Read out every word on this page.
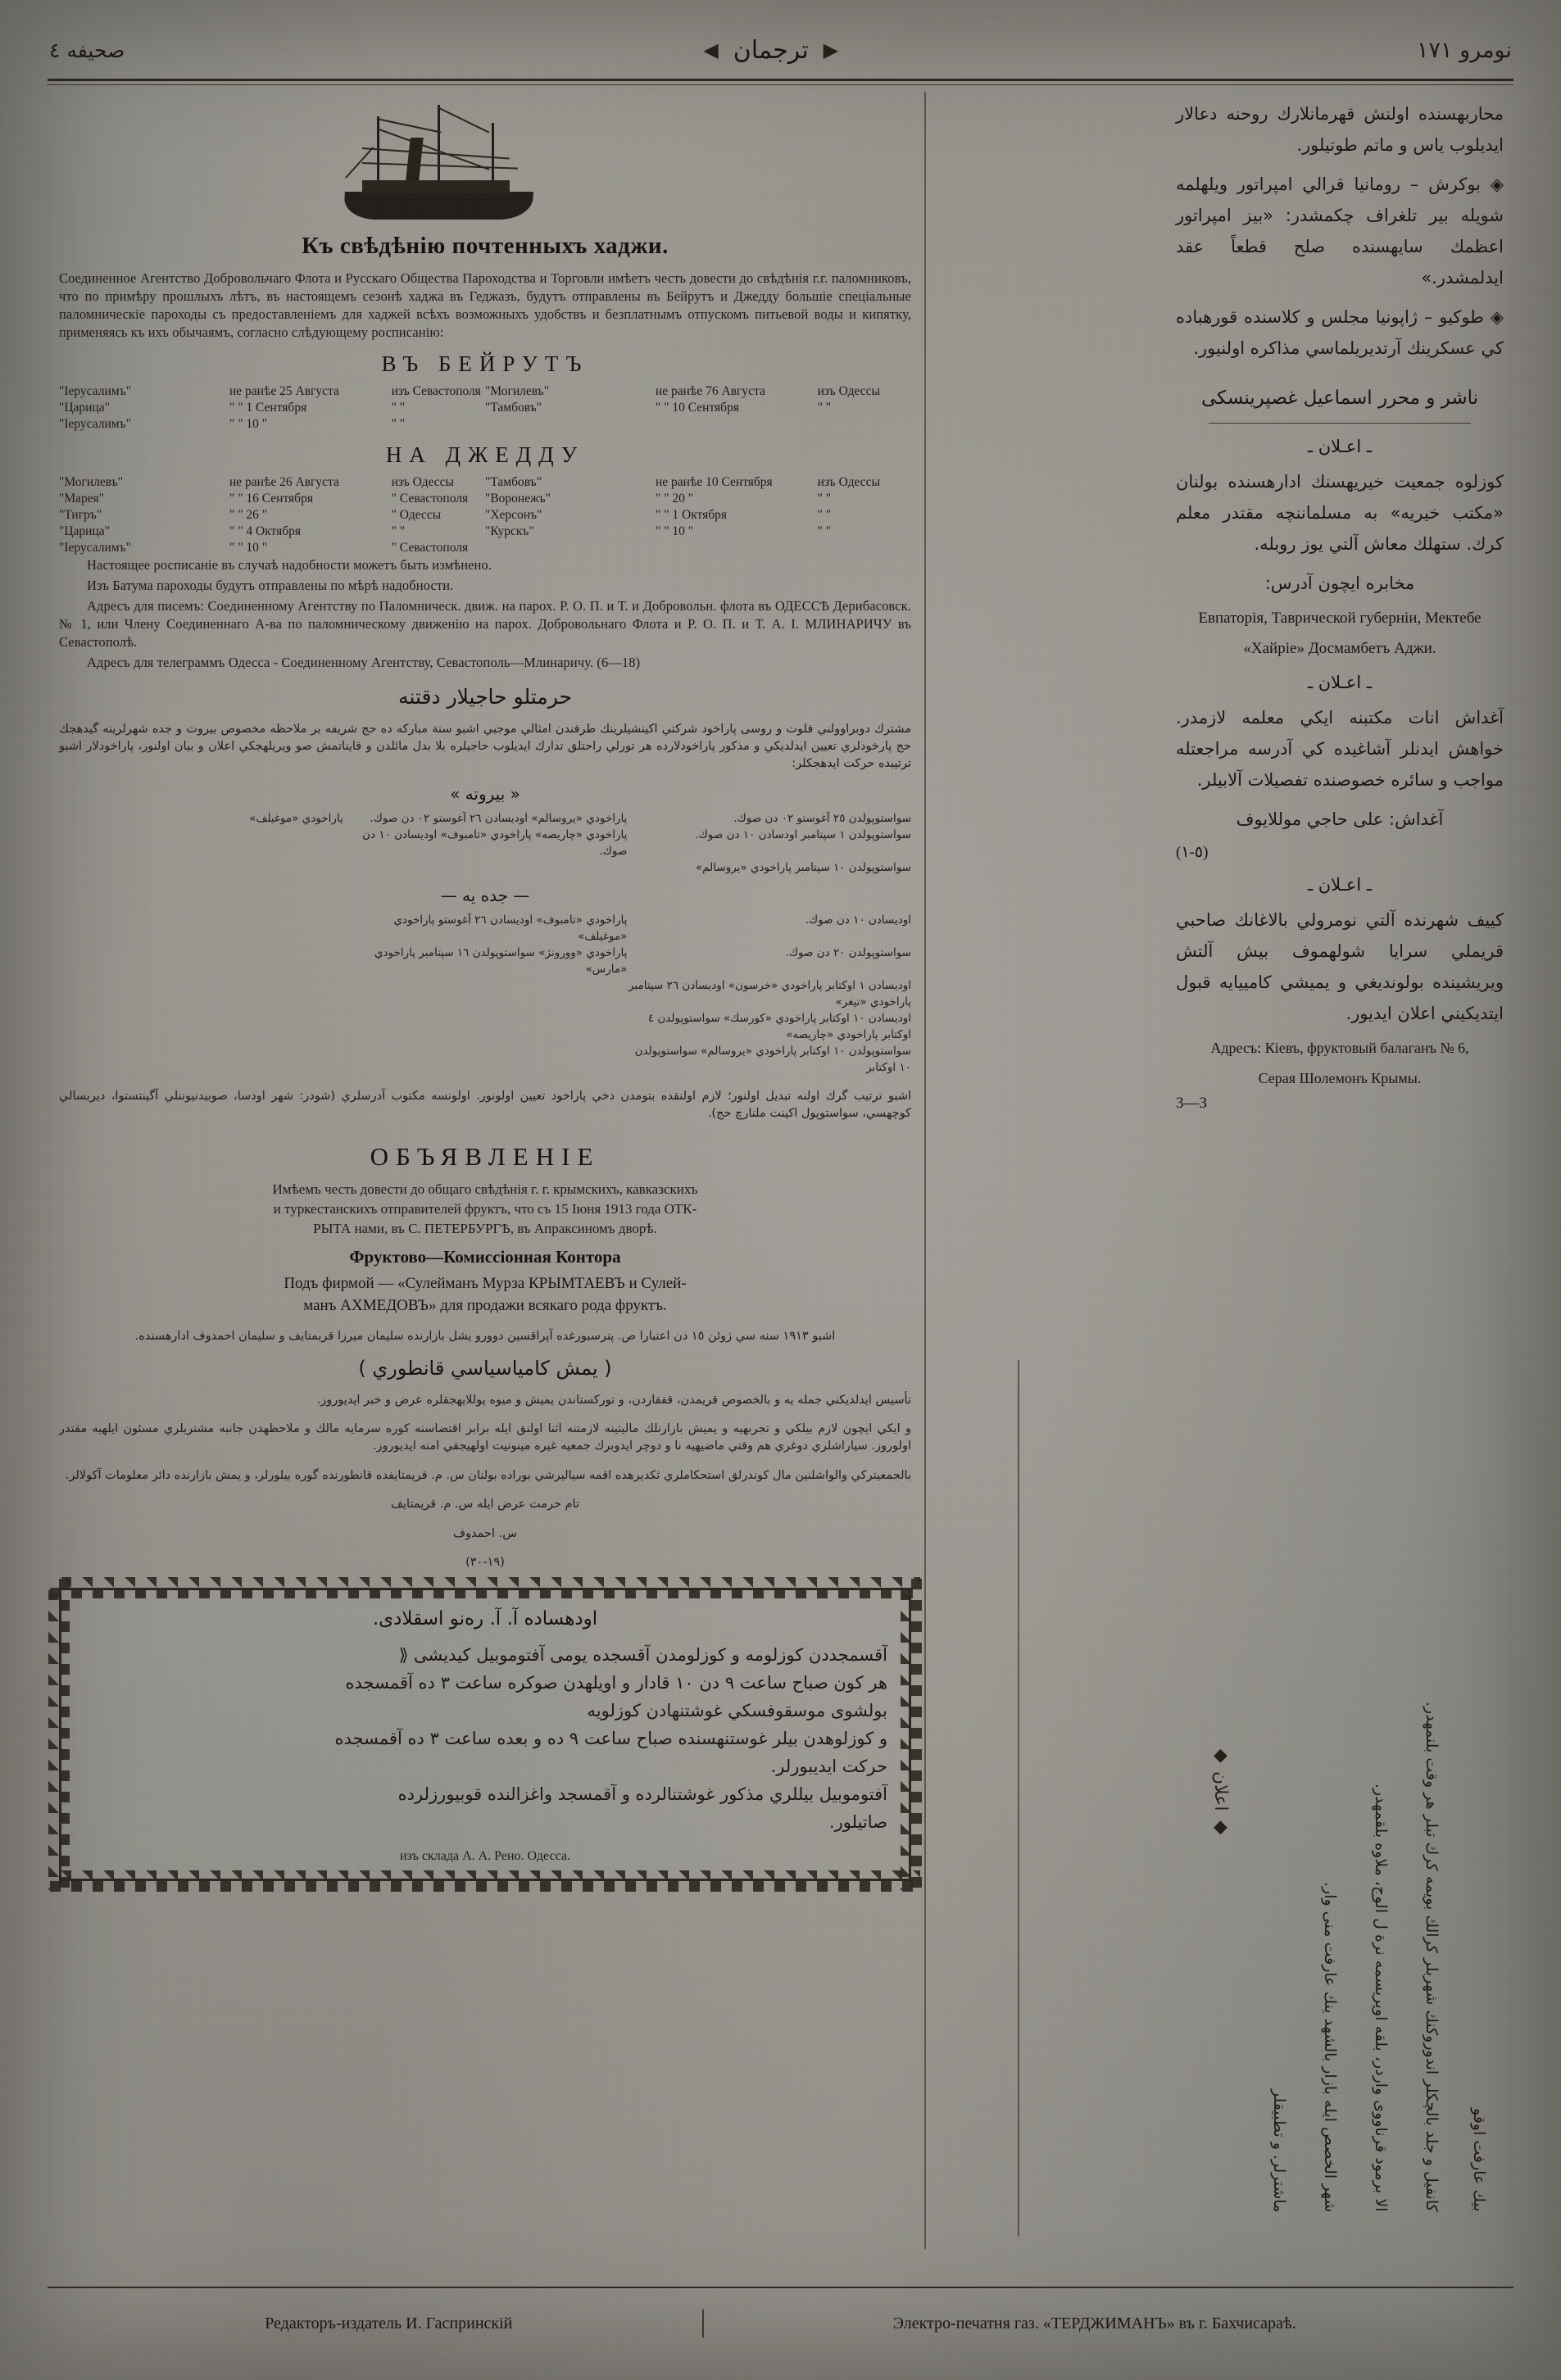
نومرو ١٧١
▶
ترجمان
◀
صحيفه ٤
Къ свѣдѣнiю почтенныхъ хаджи.

Соединенное Агентство Добровольчаго Флота и Русскаго Общества Пароходства и Торговли имѣетъ честь довести до свѣдѣнiя г.г. паломниковъ, что по примѣру прошлыхъ лѣтъ, въ настоящемъ сезонѣ хаджа въ Геджазъ, будутъ отправлены въ Бейрутъ и Джедду большiе спецiальные паломническiе пароходы съ предоставленiемъ для хаджей всѣхъ возможныхъ удобствъ и безплатнымъ отпускомъ питьевой воды и кипятку, применяясь къ ихъ обычаямъ, согласно слѣдующему росписанiю:

ВЪ БЕЙРУТЪ
"Іерусалимъ"	не ранѣе 25 Августа	изъ Севастополя "Могилевъ"	не ранѣе 76 Августа	изъ Одессы
"Царица"	" " 1 Сентября	" "	"Тамбовъ"	" " 10 Сентября	" "
"Іерусалимъ"	" " 10 "	" "
НА ДЖЕДДУ
"Могилевъ"	не ранѣе 26 Августа	изъ Одессы	"Тамбовъ"	не ранѣе 10 Сентября	изъ Одессы
"Марея"	" " 16 Сентября	" Севастополя	"Воронежъ"	" " 20 "	" "
"Тигръ"	" " 26 "	" Одессы	"Херсонъ"	" " 1 Октября	" "
"Царица"	" " 4 Октября	" "	"Курскъ"	" " 10 "	" "
"Іерусалимъ"	" " 10 "	" Севастополя

Настоящее росписанiе въ случаѣ надобности можетъ быть измѣнено.

Изъ Батума пароходы будутъ отправлены по мѣрѣ надобности.

Адресъ для писемъ: Соединенному Агентству по Паломничеcк. движ. на парох. Р. О. П. и Т. и Добровольн. флота въ ОДЕССѢ Дерибасовск. № 1, или Члену Соединеннаго А-ва по паломническому движенiю на парох. Добровольнаго Флота и Р. О. П. и Т. А. I. МЛИНАРИЧУ въ Севастополѣ.

Адресъ для телеграммъ Одесса - Соединенному Агентству, Севастополь—Млинаричу. (6—18)

حرمتلو حاجیلار دقتنه

مشترك دوبراوولني فلوت و روسی پاراخود شركتي اكينشيلرينك طرفندن امثالي موجبي اشبو سنة مباركه ده حج شريفه بر ملاحظه مخصوص بيروت و جده شهرلرينه گيدهجك حج پارخودلري تعيين ايدلديكي و مذكور پاراخودلارده هر تورلي راحتلق تدارك ايديلوب حاجيلره بلا بدل مائلدن و قايناتمش صو ويريلهجكي اعلان و بيان اولنور، پاراخودلار اشبو ترتيبده حركت ايدهجكلر:

« بيروته »
سواستوپولدن ٢٥ آغوستو ٠٢ دن صوك.
پاراخودي «يروسالم» اوديسادن ٢٦ آغوستو ٠٢ دن صوك.
پاراخودي «موغيلف»
سواستوپولدن ١ سپتامبر اودسادن ١٠ دن صوك.
پاراخودي «چاريصه» پاراخودي «تامبوف» اوديسادن ١٠ دن صوك.
سواستوپولدن ١٠ سپتامبر پاراخودي «يروسالم»
— جده یه —
اوديسادن ١٠ دن صوك.
پاراخودي «تامبوف» اوديسادن ٢٦ آغوستو پاراخودي «موغيلف»
سواستوپولدن ٢٠ دن صوك.
پاراخودي «وورونژ» سواستوپولدن ١٦ سپتامبر پاراخودي «مارس»
اوديسادن ١ اوكتابر پاراخودي «خرسون» اوديسادن ٢٦ سپتامبر پاراخودي «تيغر»
اوديسادن ١٠ اوكتابر پاراخودي «كورسك» سواستوپولدن ٤ اوكتابر پاراخودي «چاريصه»
سواستوپولدن ١٠ اوكتابر پاراخودي «يروسالم» سواستوپولدن ١٠ اوكتابر

اشبو ترتيب گرك اولنه تبديل اولنور؛ لازم اولنقده بتومدن دخي پاراخود تعيين اولونور. اولونسه مكتوب آدرسلري (شودر: شهر اودسا، صوبيدنيوننلي آگينتستوا، ديربسالي كوچهسي، سواستوپول اكينت ملنارچ حج).

ОБЪЯВЛЕНIЕ
Имѣемъ честь довести до общаго свѣдѣнiя г. г. крымскихъ, кавказскихъ
и туркестанскихъ отправителей фруктъ, что съ 15 Iюня 1913 года ОТК-
РЫТА нами, въ С. ПЕТЕРБУРГѢ, въ Апраксиномъ дворѣ.
Фруктово—Комиссiонная Контора
Подъ фирмой — «Сулейманъ Мурза КРЫМТАЕВЪ и Сулей-
манъ АХМЕДОВЪ» для продажи всякаго рода фруктъ.

اشبو ١٩١٣ سنه سي ژوئن ١٥ دن اعتبارا ص. پترسبورغده آپراقسين دوورو يشل بازارنده سليمان ميرزا قريمتايف و سليمان احمدوف ادارهسنده.

( يمش كامياسياسي قانطوري )

تأسيس ايدلديكني جمله يه و بالخصوص قريمدن، قفقازدن، و توركستاندن يميش و ميوه يوللايهجقلره عرض و خبر ايديوروز.

و ايكي ايچون لازم بيلكي و تجربهيه و يميش بازارنلك ماليتينه لازمتنه اثنا اولنق ايله برابر اقتضاسنه كوره سرمايه مالك و ملاحظهدن جانبه مشتريلري مسئون ايلهيه مقتدر اولوروز. سياراشلري دوغري هم وقتي ماضيهيه نا و دوچر ايدوبرك جمعيه غيره مينونيت اولهيجقي امنه ايديوروز.

بالجمعيتركي والواشلنين مال كوندرلق استحكاملري ثكديرهده اقمه سياليرشي بوراده بولنان س. م. قريمتايفده قانطورنده گوره بيلورلر، و يمش بازارنده دائر معلومات آكولالر.

تام حرمت عرض ايله س. م. قريمتايف

س. احمدوف

(١٩-٣٠)

اودهساده آ. آ. رەنو اسقلادى.
آقسمجددن كوزلومه و كوزلومدن آقسجده يومى آفتوموبيل كيديشى ⟪
هر كون صباح ساعت ٩ دن ١٠ قادار و اويلهدن صوكره ساعت ٣ ده آقمسجده
بولشوى موسقوفسكي غوشتنهادن كوزلويه
و كوزلوهدن بيلر غوستنهسنده صباح ساعت ٩ ده و بعده ساعت ٣ ده آقمسجده
حركت ايديبورلر.
آفتوموبيل بيللري مذكور غوشتنالرده و آقمسجد واغزالنده قوبيورزلرده
صاتيلور.
изъ склада А. А. Рено. Одесса.

محاربهسنده اولنش قهرمانلارك روحنه دعالار ايديلوب ياس و ماتم طوتيلور.

◈ بوكرش – رومانيا قرالي امپراتور ويلهلمه شويله بير تلغراف چكمشدر: «بيز امپراتور اعظمك سايهسنده صلح قطعاً عقد ايدلمشدر.»

◈ طوكيو – ژاپونيا مجلس و كلاسنده قورهباده كي عسكرينك آرتديريلماسي مذاكره اولنيور.

ناشر و محرر اسماعيل غصپرينسكى
ـ اعـلان ـ

كوزلوه جمعيت خيريهسنك ادارهسنده بولنان «مكتب خيريه» به مسلماننچه مقتدر معلم كرك. ستهلك معاش آلتي يوز روبله.

مخابره ايچون آدرس:

Евпаторiя, Таврической губернiи, Мектебе
«Хайрiе» Досмамбетъ Аджи.
ـ اعـلان ـ

آغداش انات مكتبنه ايكي معلمه لازمدر. خواهش ايدنلر آشاغيده كي آدرسه مراجعتله مواجب و سائره خصوصنده تفصيلات آلابيلر.

آغداش: على حاجي موللايوف

(٥-١)
ـ اعـلان ـ

كييف شهرنده آلتي نومرولي بالاغانك صاحبي قريملي سرايا شولهموف بيش آلتش ويريشينده بولونديغي و يميشي كامييايه قبول ايتديكيني اعلان ايديور.

Адресъ: Кiевъ, фруктовый балаганъ № 6,
Серая Шолемонъ Крымы.
3—3
بيك عارفت اوقو
كانفيل و جلد بالچكلر اندوروكنك شهربلر كرالك بويمه كرك تبلر هر وقت بلنمهدر.
الا برمود قرناووى واردر، بلقه اوپريسمه نرة ل الوج، ملاوه بلقمهدر.
شهر الخصص ايله بازار بالشهد ينك عارفت منى وار.
ماشترلر. و تطبيقلر
◆ اعلان ◆
Редакторъ-издатель И. Гаспринскiй	Электро-печатня газ. «ТЕРДЖИМАНЪ» въ г. Бахчисараѣ.
